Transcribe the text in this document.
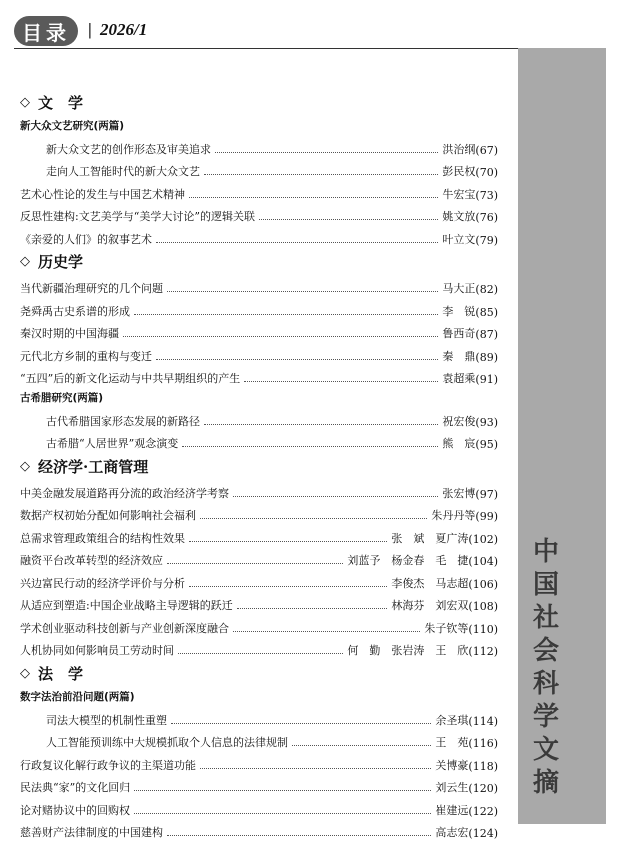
目录	| 2026/1
中
国
社
会
科
学
文
摘
◇ 文　学
新大众文艺研究(两篇)
新大众文艺的创作形态及审美追求	洪治纲 (67)
走向人工智能时代的新大众文艺	彭民权 (70)
艺术心性论的发生与中国艺术精神	牛宏宝 (73)
反思性建构:文艺美学与“美学大讨论”的逻辑关联	姚文放 (76)
《亲爱的人们》的叙事艺术	叶立文 (79)
◇ 历史学
当代新疆治理研究的几个问题	马大正 (82)
尧舜禹古史系谱的形成	李　锐 (85)
秦汉时期的中国海疆	鲁西奇 (87)
元代北方乡制的重构与变迁	秦　鼎 (89)
“五四”后的新文化运动与中共早期组织的产生	袁超乘 (91)
古希腊研究(两篇)
古代希腊国家形态发展的新路径	祝宏俊 (93)
古希腊“人居世界”观念演变	熊　宸 (95)
◇ 经济学·工商管理
中美金融发展道路再分流的政治经济学考察	张宏博 (97)
数据产权初始分配如何影响社会福利	朱丹丹等 (99)
总需求管理政策组合的结构性效果	张　斌　夏广涛 (102)
融资平台改革转型的经济效应	刘蓝予　杨金春　毛　捷 (104)
兴边富民行动的经济学评价与分析	李俊杰　马志超 (106)
从适应到塑造:中国企业战略主导逻辑的跃迁	林海芬　刘宏双 (108)
学术创业驱动科技创新与产业创新深度融合	朱子钦等 (110)
人机协同如何影响员工劳动时间	何　勤　张岩涛　王　欣 (112)
◇ 法　学
数字法治前沿问题(两篇)
司法大模型的机制性重塑	余圣琪 (114)
人工智能预训练中大规模抓取个人信息的法律规制	王　苑 (116)
行政复议化解行政争议的主渠道功能	关博豪 (118)
民法典“家”的文化回归	刘云生 (120)
论对赌协议中的回购权	崔建远 (122)
慈善财产法律制度的中国建构	高志宏 (124)
